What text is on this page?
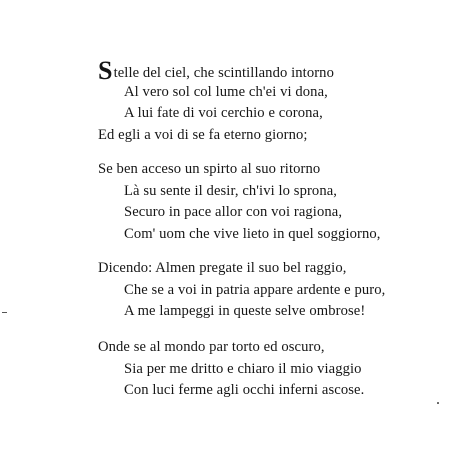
Stelle del ciel, che scintillando intorno
Al vero sol col lume ch'ei vi dona,
A lui fate di voi cerchio e corona,
Ed egli a voi di se fa eterno giorno;
Se ben acceso un spirto al suo ritorno
Là su sente il desir, ch'ivi lo sprona,
Securo in pace allor con voi ragiona,
Com' uom che vive lieto in quel soggiorno,
Dicendo: Almen pregate il suo bel raggio,
Che se a voi in patria appare ardente e puro,
A me lampeggi in queste selve ombrose!
Onde se al mondo par torto ed oscuro,
Sia per me dritto e chiaro il mio viaggio
Con luci ferme agli occhi inferni ascose.
